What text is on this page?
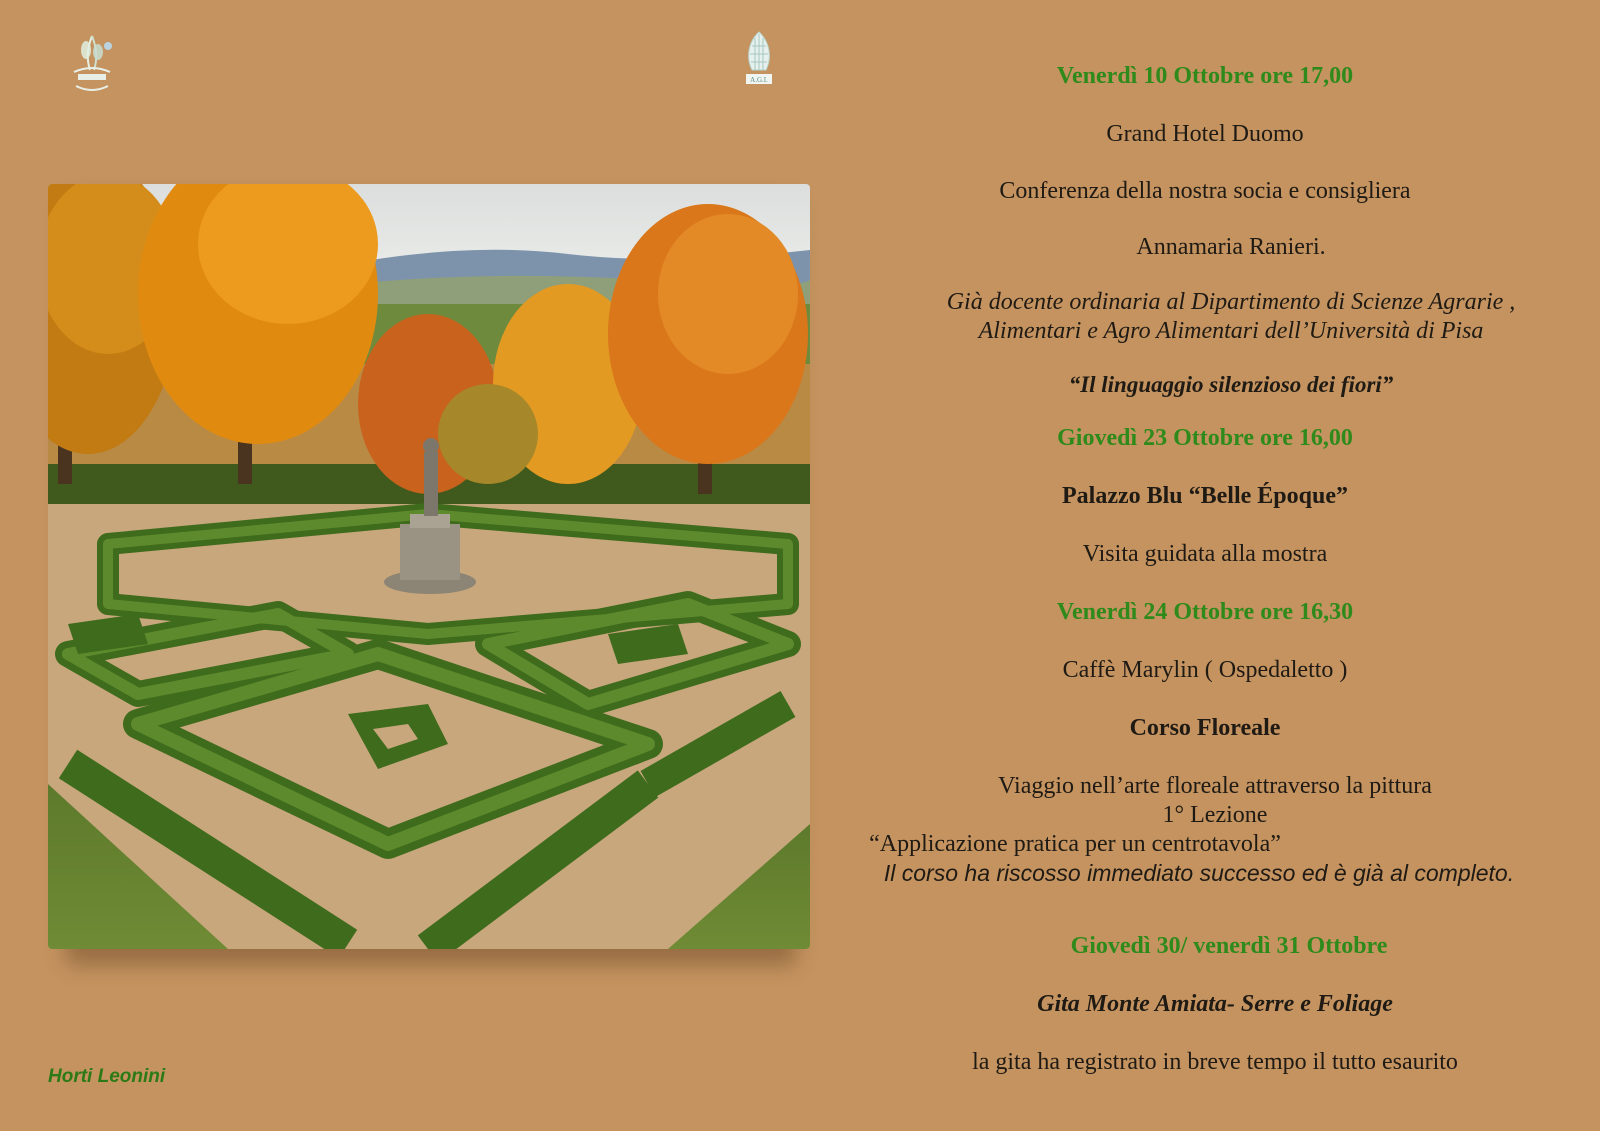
A.G.I.
Horti Leonini
Venerdì 10 Ottobre ore 17,00
Grand Hotel Duomo
Conferenza della nostra socia e consigliera
Annamaria Ranieri.
Già docente ordinaria al Dipartimento di Scienze Agrarie ,
Alimentari e Agro Alimentari dell’Università di Pisa
“Il linguaggio silenzioso dei fiori”
Giovedì 23 Ottobre ore 16,00
Palazzo Blu “Belle Époque”
Visita guidata alla mostra
Venerdì 24 Ottobre ore 16,30
Caffè Marylin ( Ospedaletto )
Corso Floreale
Viaggio nell’arte floreale attraverso la pittura
1° Lezione
“Applicazione pratica per un centrotavola”
Il corso ha riscosso immediato successo ed è già al completo.
Giovedì 30/ venerdì 31 Ottobre
Gita Monte Amiata- Serre e Foliage
la gita ha registrato in breve tempo il tutto esaurito
